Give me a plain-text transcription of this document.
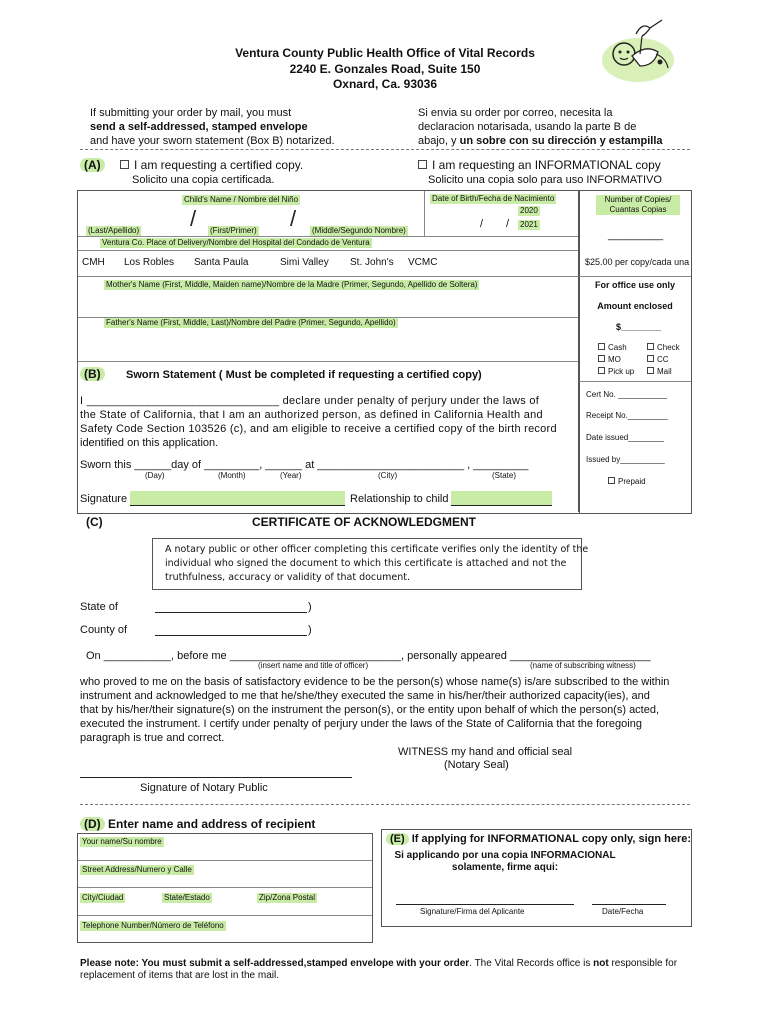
Ventura County Public Health Office of Vital Records
2240 E. Gonzales Road, Suite 150
Oxnard, Ca. 93036
If submitting your order by mail, you must
send a self-addressed, stamped envelope
and have your sworn statement (Box B) notarized.
Si envia su order por correo, necesita la
declaracion notarisada, usando la parte B de
abajo, y un sobre con su dirección y estampilla
(A)	I am requesting a certified copy.
Solicito una copia certificada.
I am requesting an INFORMATIONAL copy
Solicito una copia solo para uso INFORMATIVO
Child's Name / Nombre del Niño
(Last/Apellido) / (First/Primer) / (Middle/Segundo Nombre)
Date of Birth/Fecha de Nacimiento
2020
/ / 2021
Number of Copies/ Cuantas Copias
_________
Ventura Co. Place of Delivery/Nombre del Hospital del Condado de Ventura
CMH Los Robles Santa Paula	Simi Valley St. John's VCMC	$25.00 per copy/cada una
Mother's Name (First, Middle, Maiden name)/Nombre de la Madre (Primer, Segundo, Apellido de Soltera)
Father's Name (First, Middle, Last)/Nombre del Padre (Primer, Segundo, Apellido)
For office use only
Amount enclosed
$________
Cash	Check
MO	CC
Pick up	Mail
Cert No. ___________
Receipt No._________
Date issued________
Issued by__________
Prepaid
(B)	Sworn Statement ( Must be completed if requesting a certified copy)
I ______________________________ declare under penalty of perjury under the laws of
the State of California, that I am an authorized person, as defined in California Health and
Safety Code Section 103526 (c), and am eligible to receive a certified copy of the birth record
identified on this application.
Sworn this ______day of _________, ______ at ________________________ , _________
(Day)	(Month)	(Year)	(City)	(State)
Signature	Relationship to child
(C)	CERTIFICATE OF ACKNOWLEDGMENT
A notary public or other officer completing this certificate verifies only the identity of the
individual who signed the document to which this certificate is attached and not the
truthfulness, accuracy or validity of that document.
State of	)
County of	)
On ___________, before me ____________________________, personally appeared _______________________
(insert name and title of officer)	(name of subscribing witness)
who proved to me on the basis of satisfactory evidence to be the person(s) whose name(s) is/are subscribed to the within
instrument and acknowledged to me that he/she/they executed the same in his/her/their authorized capacity(ies), and
that by his/her/their signature(s) on the instrument the person(s), or the entity upon behalf of which the person(s) acted,
executed the instrument. I certify under penalty of perjury under the laws of the State of California that the foregoing
paragraph is true and correct.
WITNESS my hand and official seal
(Notary Seal)
Signature of Notary Public
(D) Enter name and address of recipient
Your name/Su nombre
Street Address/Numero y Calle
City/Ciudad	State/Estado	Zip/Zona Postal
Telephone Number/Número de Teléfono
(E) If applying for INFORMATIONAL copy only, sign here:
Si applicando por una copia INFORMACIONAL
solamente, firme aqui:
Signature/Firma del Aplicante	Date/Fecha
Please note: You must submit a self-addressed,stamped envelope with your order. The Vital Records office is not responsible for
replacement of items that are lost in the mail.
